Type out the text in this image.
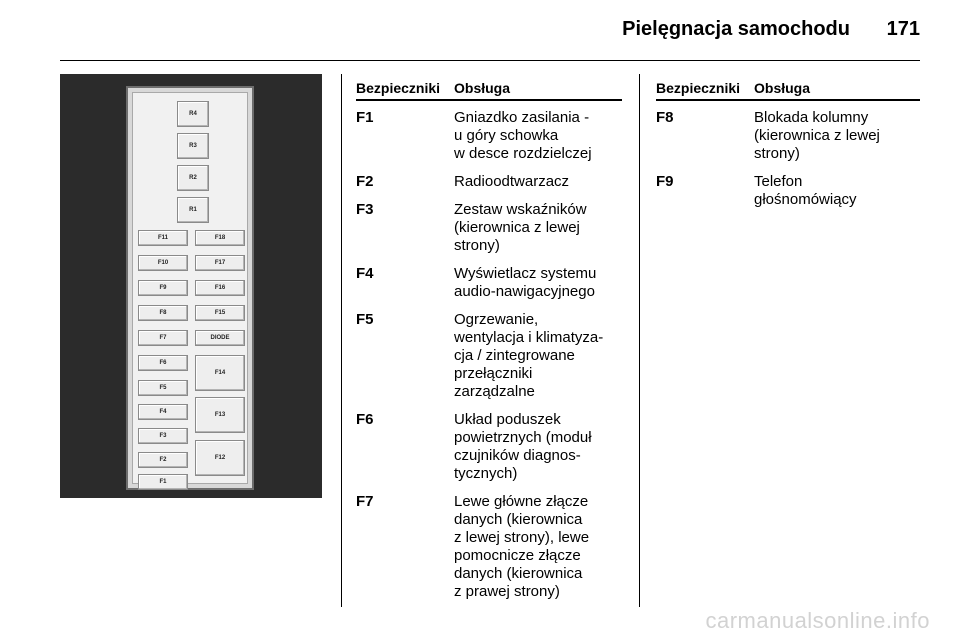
Pielęgnacja samochodu 171
R4
R3
R2
R1
F11
F10
F9
F8
F7
F6
F5
F4
F3
F2
F1
F18
F17
F16
F15
DIODE
F14
F13
F12
Bezpieczniki Obsługa
F1	Gniazdko zasilania -
u góry schowka
w desce rozdzielczej
F2	Radioodtwarzacz
F3	Zestaw wskaźników
(kierownica z lewej
strony)
F4	Wyświetlacz systemu
audio-nawigacyjnego
F5	Ogrzewanie,
wentylacja i klimatyza-
cja / zintegrowane
przełączniki
zarządzalne
F6	Układ poduszek
powietrznych (moduł
czujników diagnos-
tycznych)
F7	Lewe główne złącze
danych (kierownica
z lewej strony), lewe
pomocnicze złącze
danych (kierownica
z prawej strony)
Bezpieczniki Obsługa
F8	Blokada kolumny
(kierownica z lewej
strony)
F9	Telefon
głośnomówiący
carmanualsonline.info
